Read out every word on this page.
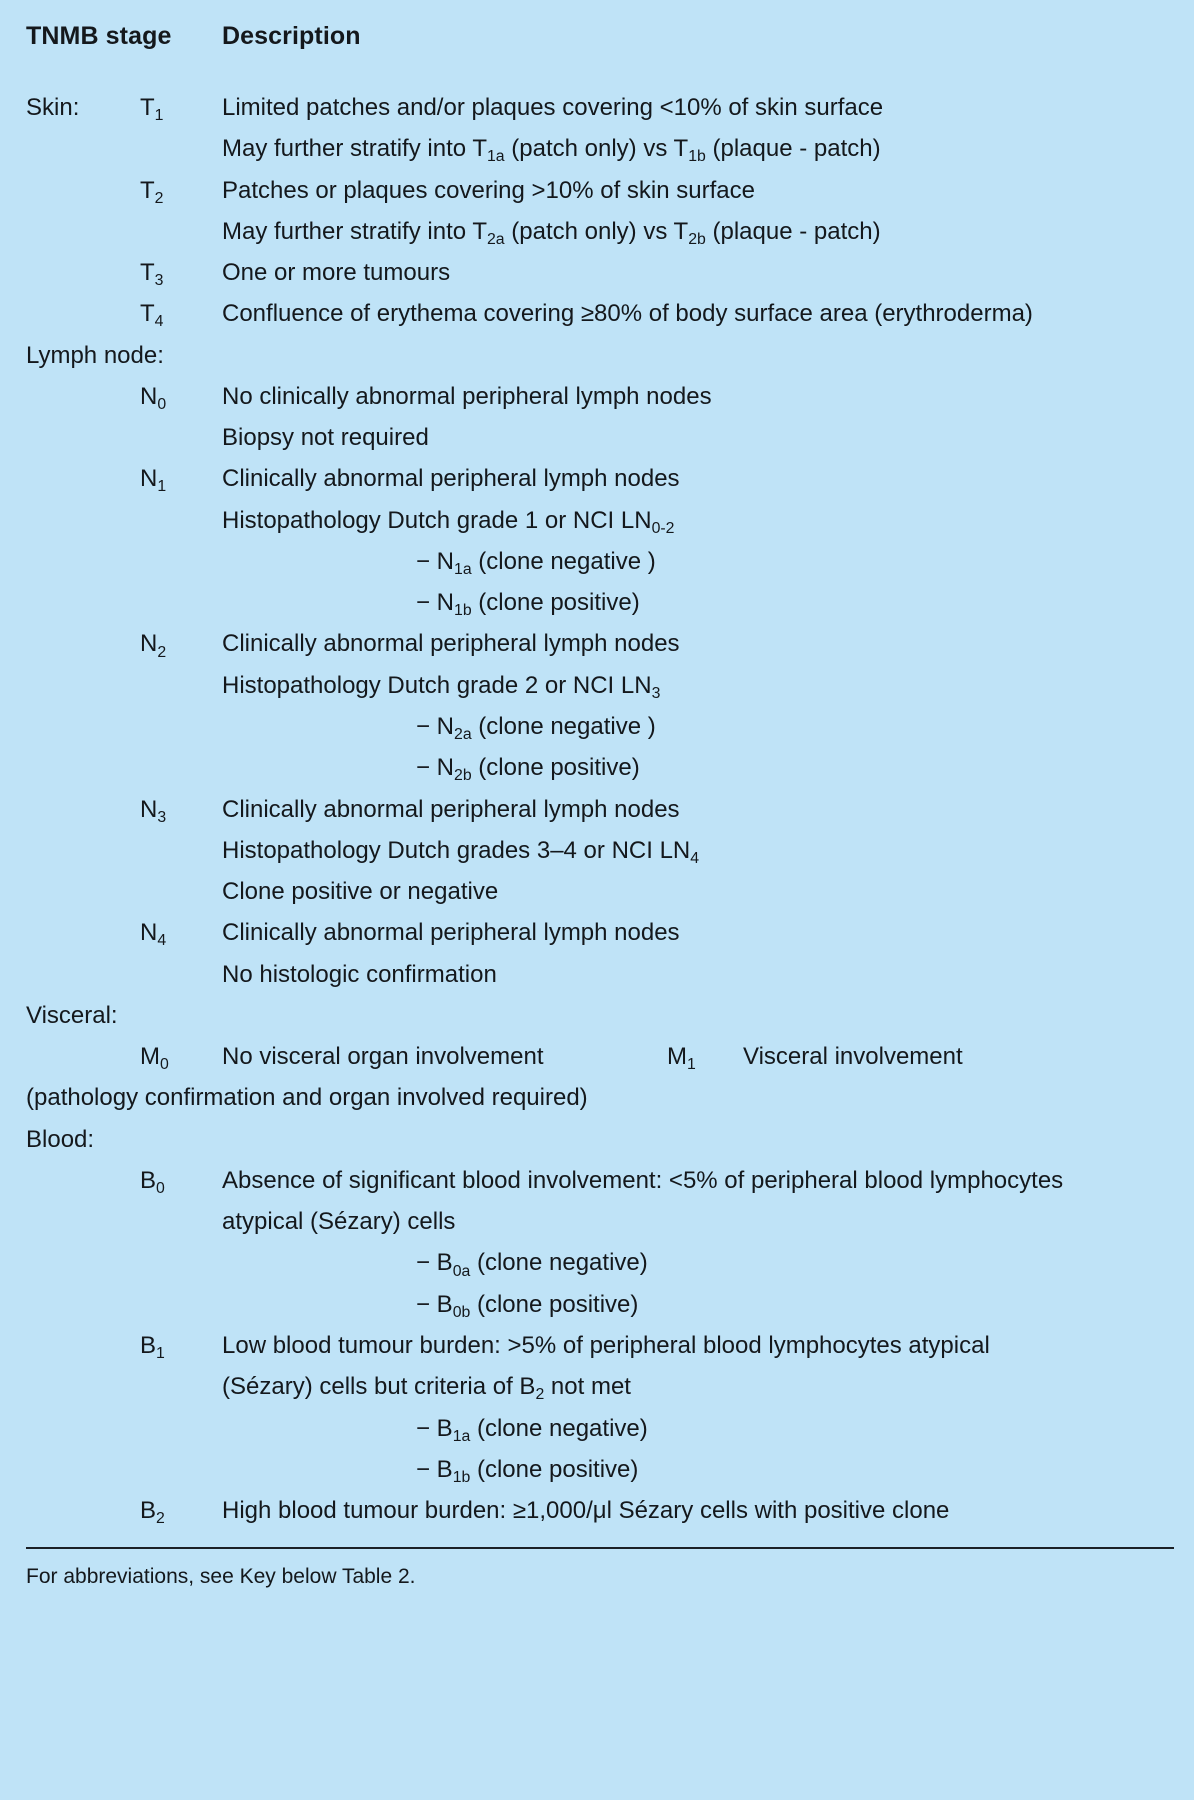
TNMB stage	Description
Skin:	$T_1$	Limited patches and/or plaques covering <10% of skin surface
May further stratify into $T_{1a}$ (patch only) vs $T_{1b}$ (plaque - patch)
$T_2$	Patches or plaques covering >10% of skin surface
May further stratify into $T_{2a}$ (patch only) vs $T_{2b}$ (plaque - patch)
$T_3$	One or more tumours
$T_4$	Confluence of erythema covering ≥80% of body surface area (erythroderma)
Lymph node:
$N_0$	No clinically abnormal peripheral lymph nodes
Biopsy not required
$N_1$	Clinically abnormal peripheral lymph nodes
Histopathology Dutch grade 1 or NCI $LN_{0-2}$
− $N_{1a}$ (clone negative )
− $N_{1b}$ (clone positive)
$N_2$	Clinically abnormal peripheral lymph nodes
Histopathology Dutch grade 2 or NCI $LN_3$
− $N_{2a}$ (clone negative )
− $N_{2b}$ (clone positive)
$N_3$	Clinically abnormal peripheral lymph nodes
Histopathology Dutch grades 3–4 or NCI $LN_4$
Clone positive or negative
$N_4$	Clinically abnormal peripheral lymph nodes
No histologic confirmation
Visceral:
$M_0$	No visceral organ involvement	$M_1$	Visceral involvement
(pathology confirmation and organ involved required)
Blood:
$B_0$	Absence of significant blood involvement: <5% of peripheral blood lymphocytes atypical (Sézary) cells
− $B_{0a}$ (clone negative)
− $B_{0b}$ (clone positive)
$B_1$	Low blood tumour burden: >5% of peripheral blood lymphocytes atypical (Sézary) cells but criteria of $B_2$ not met
− $B_{1a}$ (clone negative)
− $B_{1b}$ (clone positive)
$B_2$	High blood tumour burden: ≥1,000/μl Sézary cells with positive clone
For abbreviations, see Key below Table 2.
